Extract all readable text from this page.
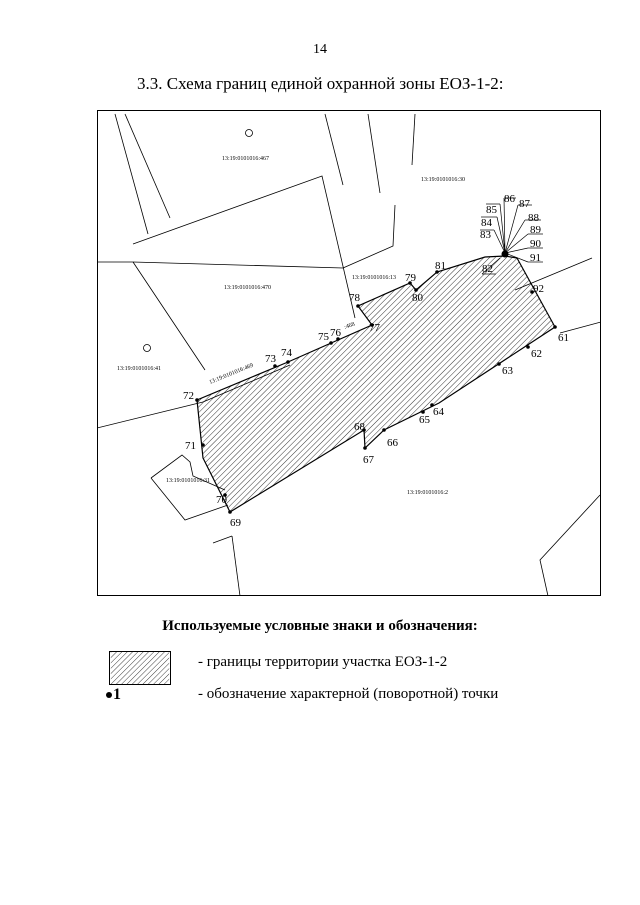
14
3.3. Схема границ единой охранной зоны ЕОЗ-1-2:
13:19:0101016:467
13:19:0101016:30
13:19:0101016:470
13:19:0101016:13
:468
13:19:0101016:469
13:19:0101016:41
13:19:0101016:31
13:19:0101016:2
61
62
63
64
65
66
67
68
69
70
71
72
73 74
75 76	77
78
79
80
81	82
83
84
85
86 87
88
89
90
91
92
Используемые условные знаки и обозначения:
- границы территории участка ЕОЗ-1-2
1	- обозначение характерной (поворотной) точки
